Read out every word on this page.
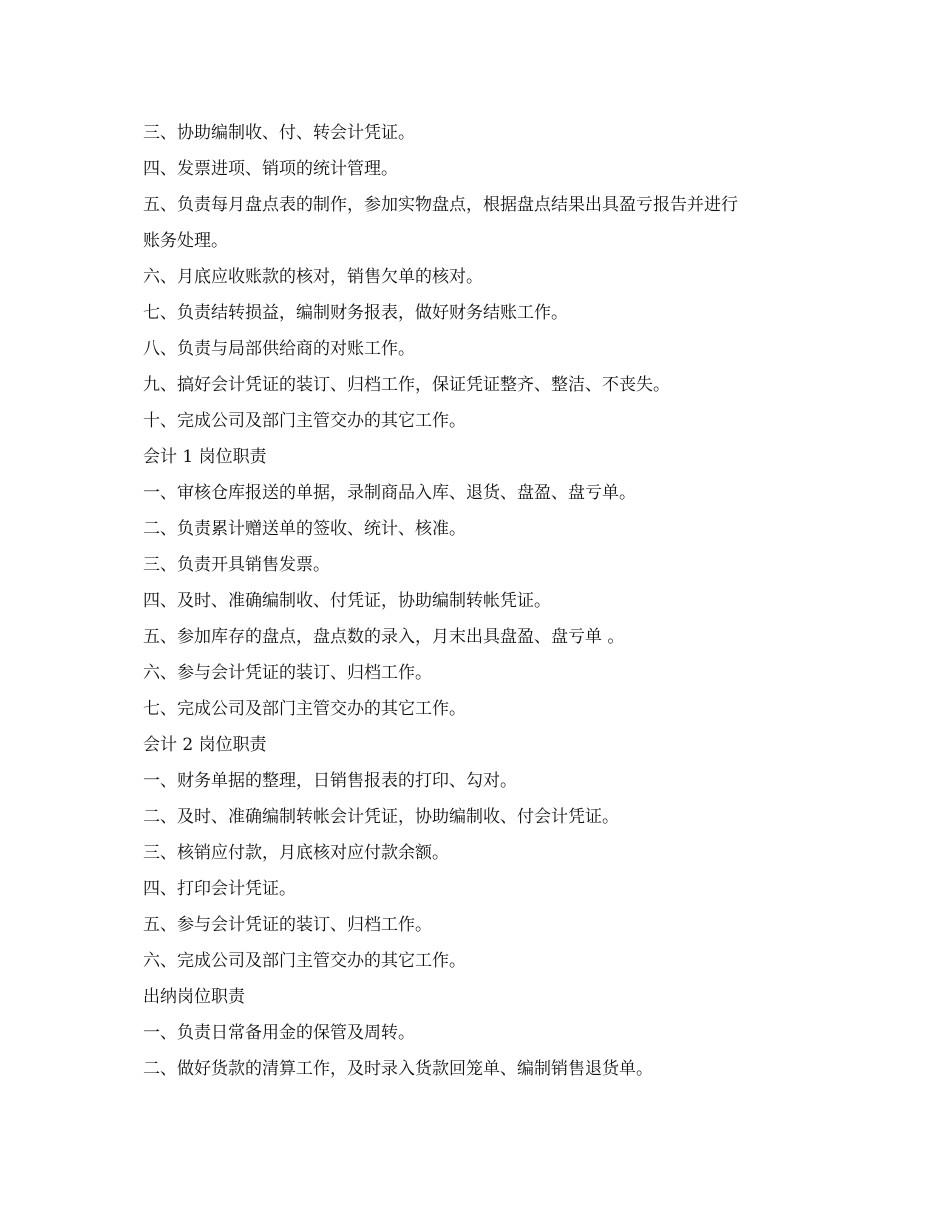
三、协助编制收、付、转会计凭证。

四、发票进项、销项的统计管理。

五、负责每月盘点表的制作，参加实物盘点，根据盘点结果出具盈亏报告并进行

账务处理。

六、月底应收账款的核对，销售欠单的核对。

七、负责结转损益，编制财务报表，做好财务结账工作。

八、负责与局部供给商的对账工作。

九、搞好会计凭证的装订、归档工作，保证凭证整齐、整洁、不丧失。

十、完成公司及部门主管交办的其它工作。

会计 1 岗位职责

一、审核仓库报送的单据，录制商品入库、退货、盘盈、盘亏单。

二、负责累计赠送单的签收、统计、核准。

三、负责开具销售发票。

四、及时、准确编制收、付凭证，协助编制转帐凭证。

五、参加库存的盘点，盘点数的录入，月末出具盘盈、盘亏单 。

六、参与会计凭证的装订、归档工作。

七、完成公司及部门主管交办的其它工作。

会计 2 岗位职责

一、财务单据的整理，日销售报表的打印、勾对。

二、及时、准确编制转帐会计凭证，协助编制收、付会计凭证。

三、核销应付款，月底核对应付款余额。

四、打印会计凭证。

五、参与会计凭证的装订、归档工作。

六、完成公司及部门主管交办的其它工作。

出纳岗位职责

一、负责日常备用金的保管及周转。

二、做好货款的清算工作，及时录入货款回笼单、编制销售退货单。
